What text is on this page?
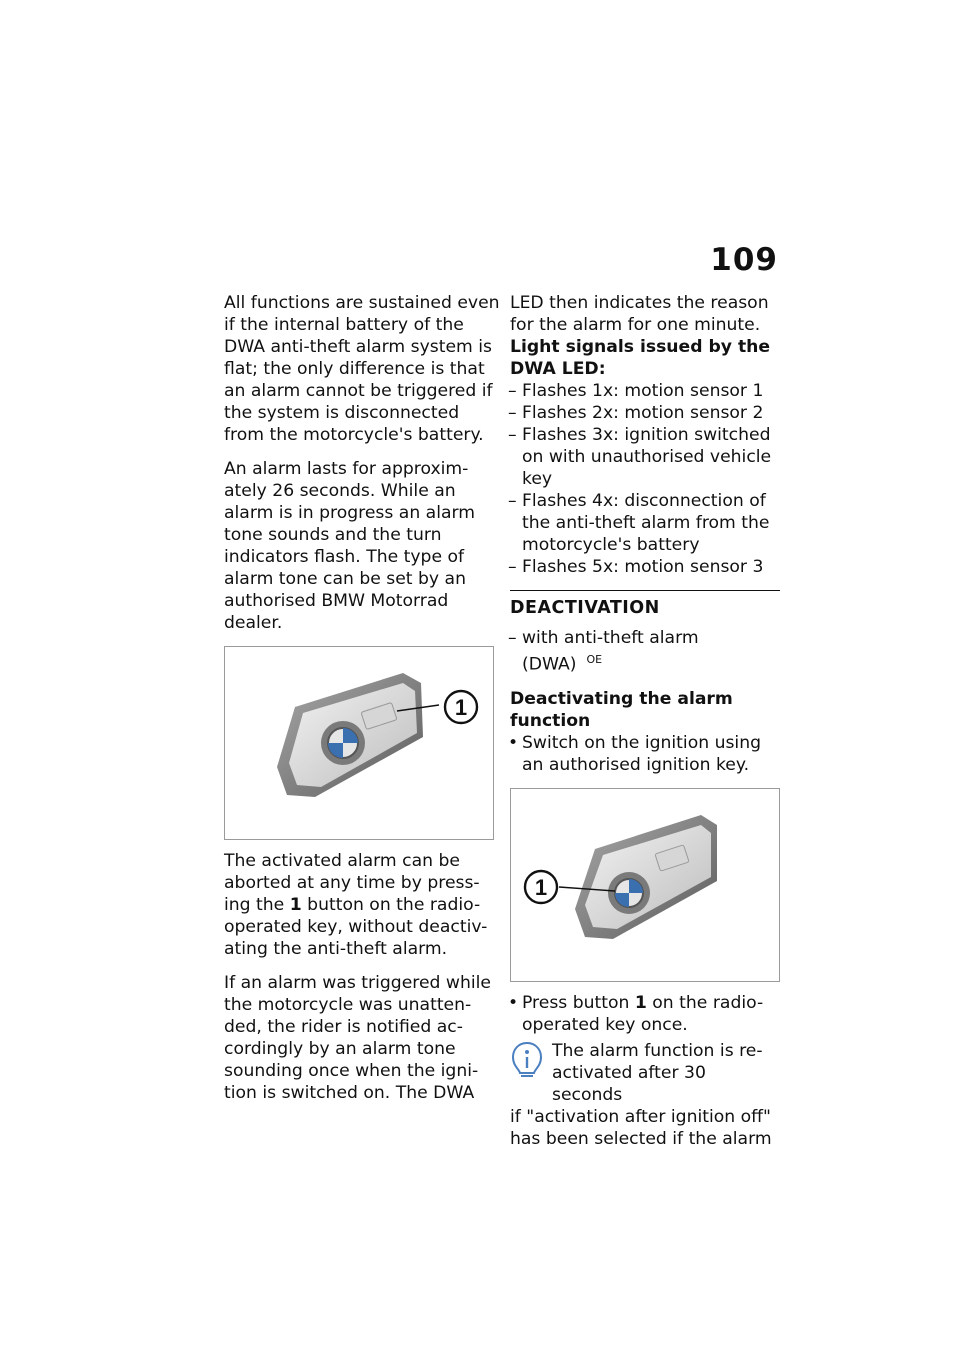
109

All functions are sustained even if the internal battery of the DWA anti-theft alarm system is flat; the only difference is that an alarm cannot be triggered if the system is disconnected from the motorcycle's battery.

An alarm lasts for approxim-ately 26 seconds. While an alarm is in progress an alarm tone sounds and the turn indicators flash. The type of alarm tone can be set by an authorised BMW Motorrad dealer.

1

The activated alarm can be aborted at any time by press-ing the 1 button on the radio-operated key, without deactiv-ating the anti-theft alarm.

If an alarm was triggered while the motorcycle was unatten-ded, the rider is notified ac-cordingly by an alarm tone sounding once when the igni-tion is switched on. The DWA

LED then indicates the reason for the alarm for one minute.

Light signals issued by the DWA LED:

– Flashes 1x: motion sensor 1
– Flashes 2x: motion sensor 2
– Flashes 3x: ignition switched on with unauthorised vehicle key
– Flashes 4x: disconnection of the anti-theft alarm from the motorcycle's battery
– Flashes 5x: motion sensor 3
DEACTIVATION
– with anti-theft alarm (DWA) $^{OE}$

Deactivating the alarm function

• Switch on the ignition using an authorised ignition key.
1
• Press button 1 on the radio-operated key once.
The alarm function is re-activated after 30 seconds
if "activation after ignition off" has been selected if the alarm
